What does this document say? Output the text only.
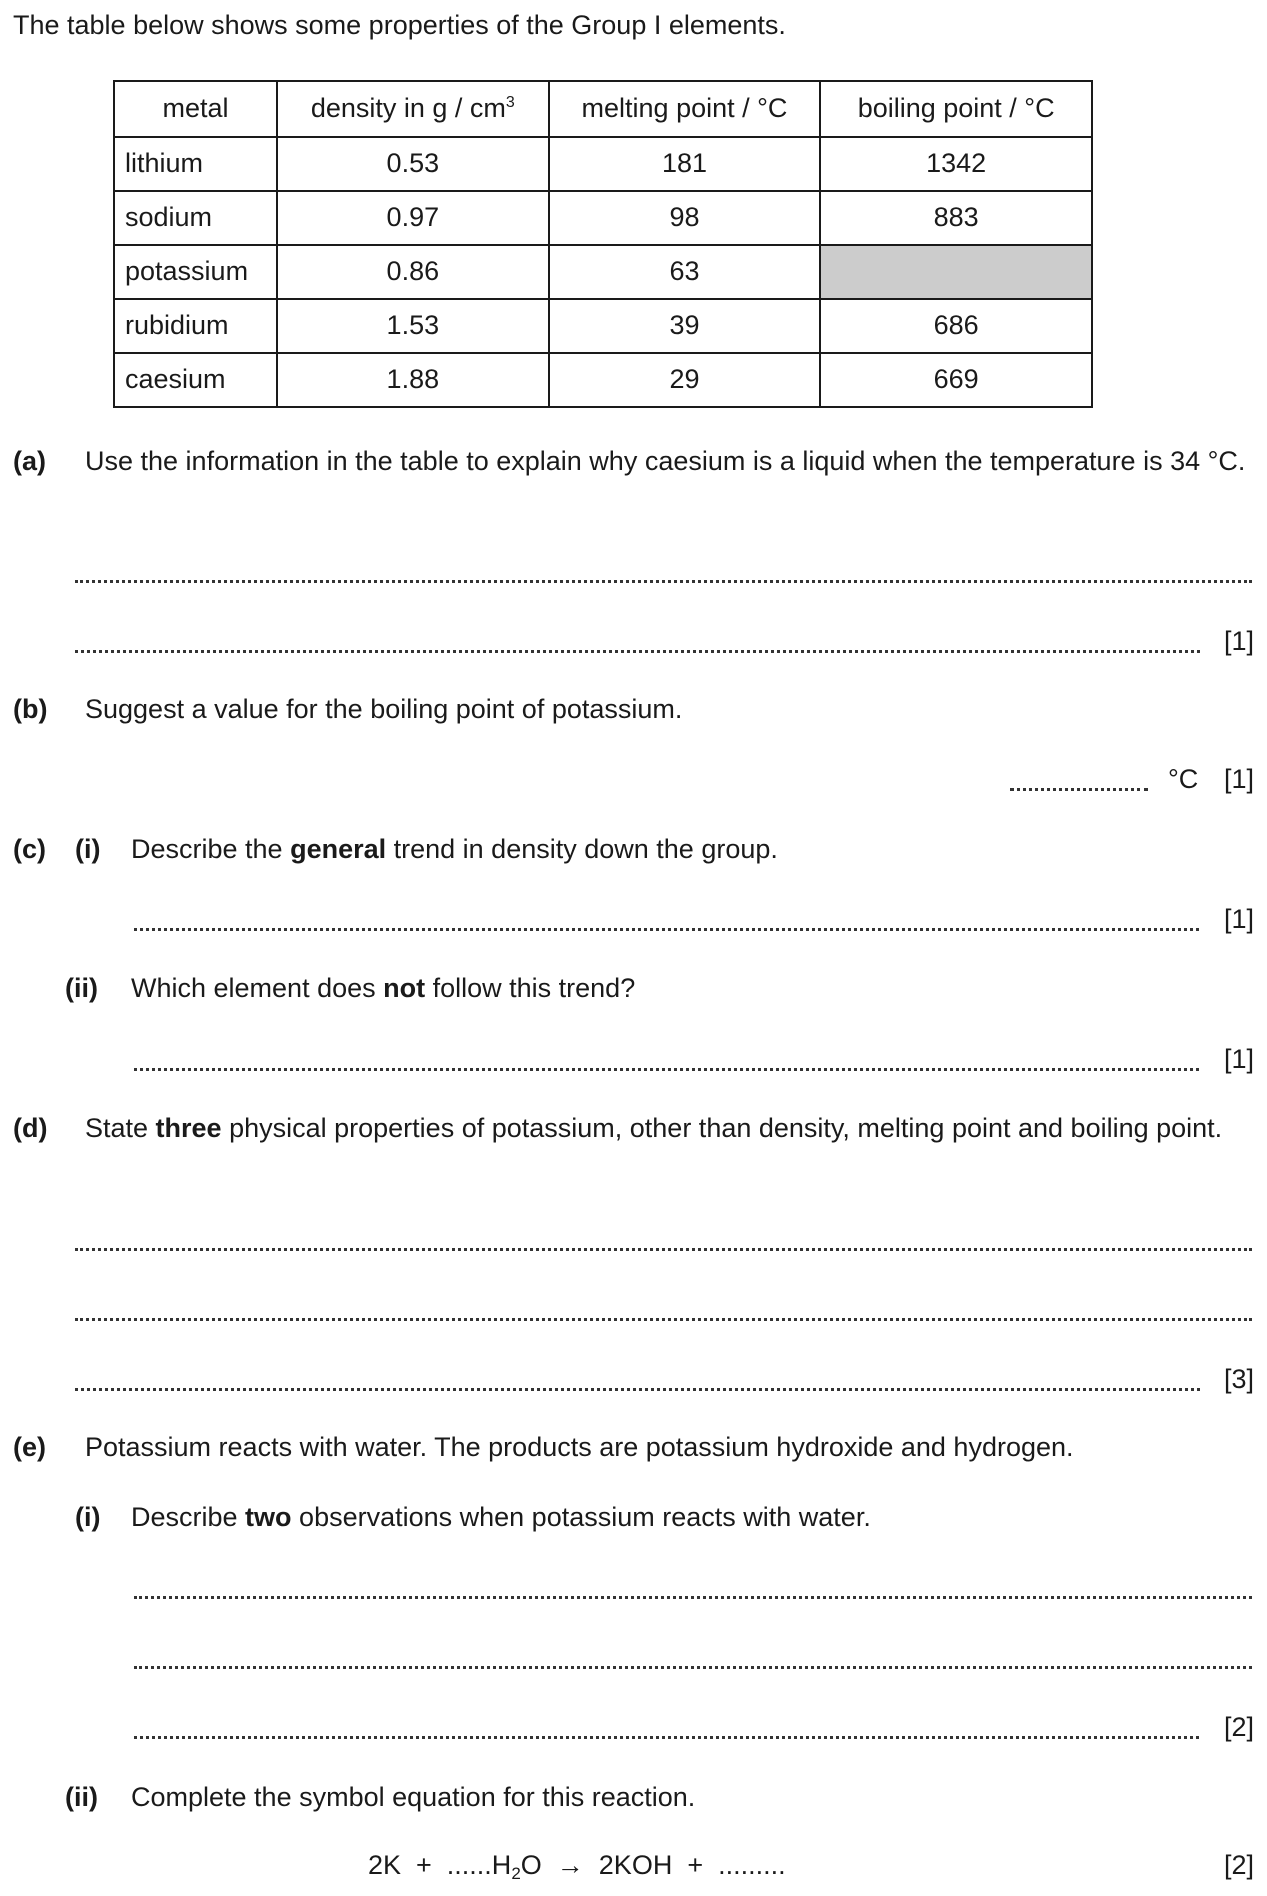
The table below shows some properties of the Group I elements.
metal	density in g / $cm^3$	melting point / °C	boiling point / °C
lithium	0.53	181	1342
sodium	0.97	98	883
potassium	0.86	63	
rubidium	1.53	39	686
caesium	1.88	29	669
(a) Use the information in the table to explain why caesium is a liquid when the temperature is 34 °C.
[1]
(b) Suggest a value for the boiling point of potassium.
°C [1]
(c) (i) Describe the general trend in density down the group.
[1]
(ii) Which element does not follow this trend?
[1]
(d) State three physical properties of potassium, other than density, melting point and boiling point.
[3]
(e) Potassium reacts with water. The products are potassium hydroxide and hydrogen.
(i) Describe two observations when potassium reacts with water.
[2]
(ii) Complete the symbol equation for this reaction.
$2K + ......H_2O \to 2KOH$  +  .........	[2]
